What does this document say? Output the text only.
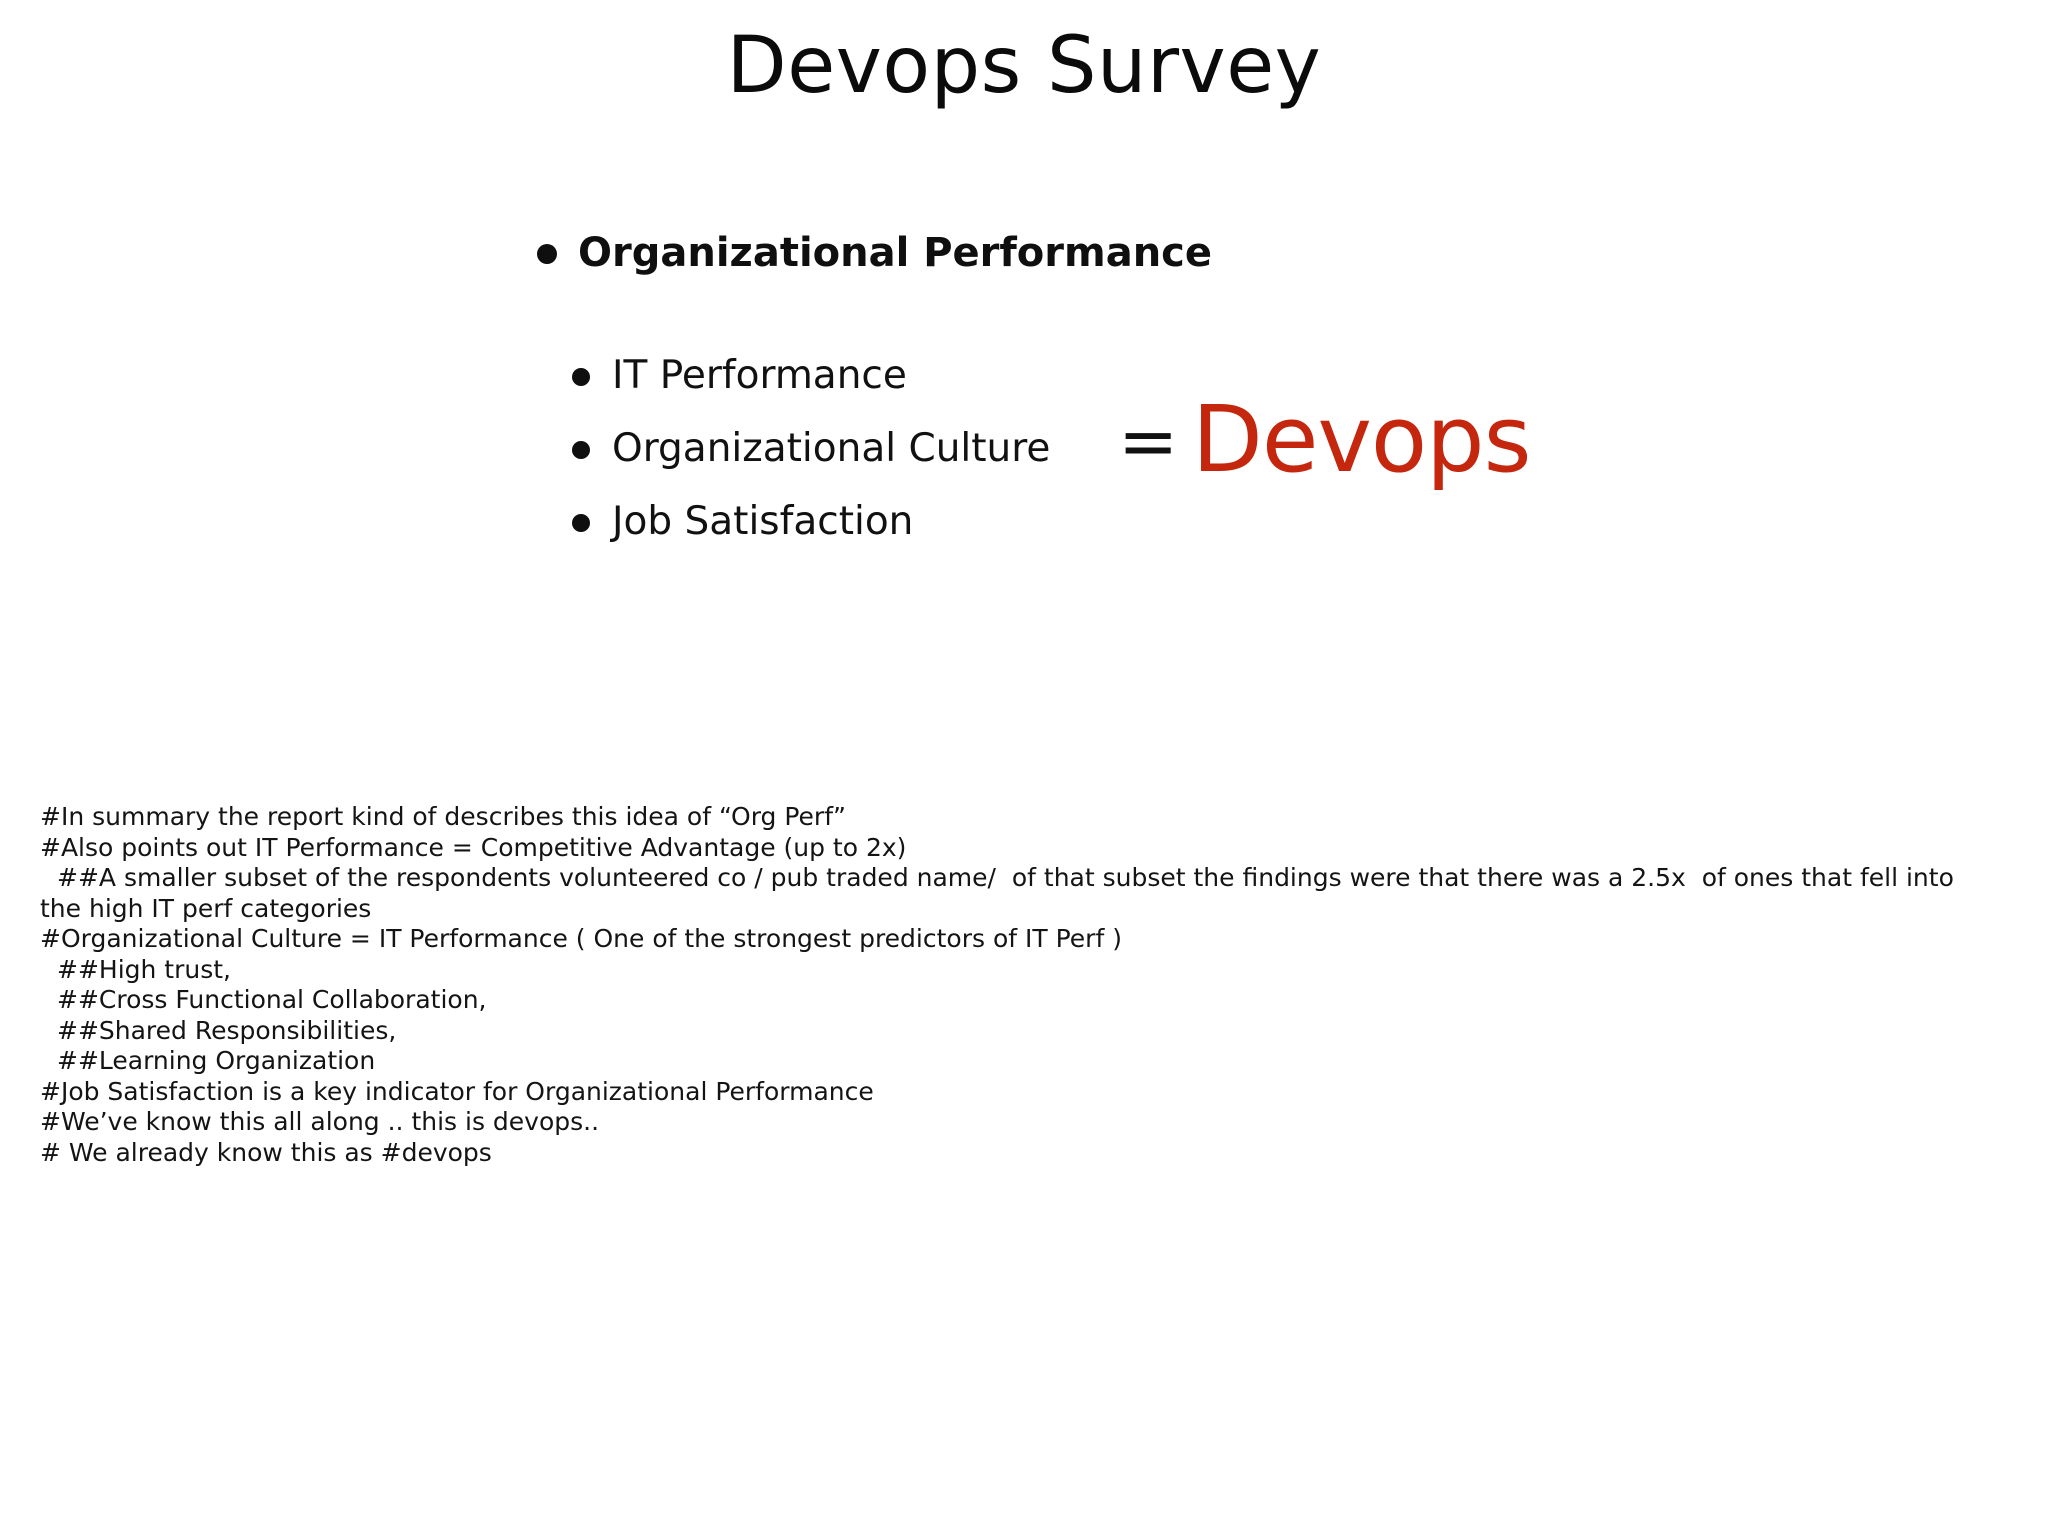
Devops Survey
Organizational Performance
IT Performance
Organizational Culture
Job Satisfaction
= Devops
#In summary the report kind of describes this idea of “Org Perf”
#Also points out IT Performance = Competitive Advantage (up to 2x)
##A smaller subset of the respondents volunteered co / pub traded name/  of that subset the findings were that there was a 2.5x  of ones that fell into the high IT perf categories
#Organizational Culture = IT Performance ( One of the strongest predictors of IT Perf )
##High trust,
##Cross Functional Collaboration,
##Shared Responsibilities,
##Learning Organization
#Job Satisfaction is a key indicator for Organizational Performance
#We’ve know this all along .. this is devops..
# We already know this as #devops
